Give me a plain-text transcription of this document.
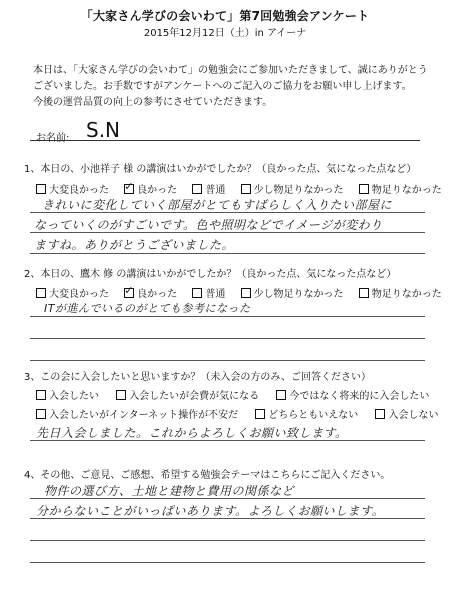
「大家さん学びの会いわて」第7回勉強会アンケート
2015年12月12日（土）in アイーナ
本日は、「大家さん学びの会いわて」の勉強会にご参加いただきまして、誠にありがとう
ございました。お手数ですがアンケートへのご記入のご協力をお願い申し上げます。
今後の運営品質の向上の参考にさせていただきます。
お名前: S.N
1、本日の、小池祥子 様 の講演はいかがでしたか？（良かった点、気になった点など）
大変良かった ✓	良かった	普通	少し物足りなかった	物足りなかった
きれいに変化していく部屋がとてもすばらしく入りたい部屋に
なっていくのがすごいです。色や照明などでイメージが変わり
ますね。ありがとうございました。
2、本日の、鷹木 修 の講演はいかがでしたか？（良かった点、気になった点など）
大変良かった ✓	良かった	普通	少し物足りなかった	物足りなかった
ITが進んでいるのがとても参考になった
3、この会に入会したいと思いますか？（未入会の方のみ、ご回答ください）
入会したい	入会したいが会費が気になる	今ではなく将来的に入会したい
入会したいがインターネット操作が不安だ	どちらともいえない	入会しない
先日入会しました。これからよろしくお願い致します。
4、その他、ご意見、ご感想、希望する勉強会テーマはこちらにご記入ください。
物件の選び方、土地と建物と費用の関係など
分からないことがいっぱいあります。よろしくお願いします。
